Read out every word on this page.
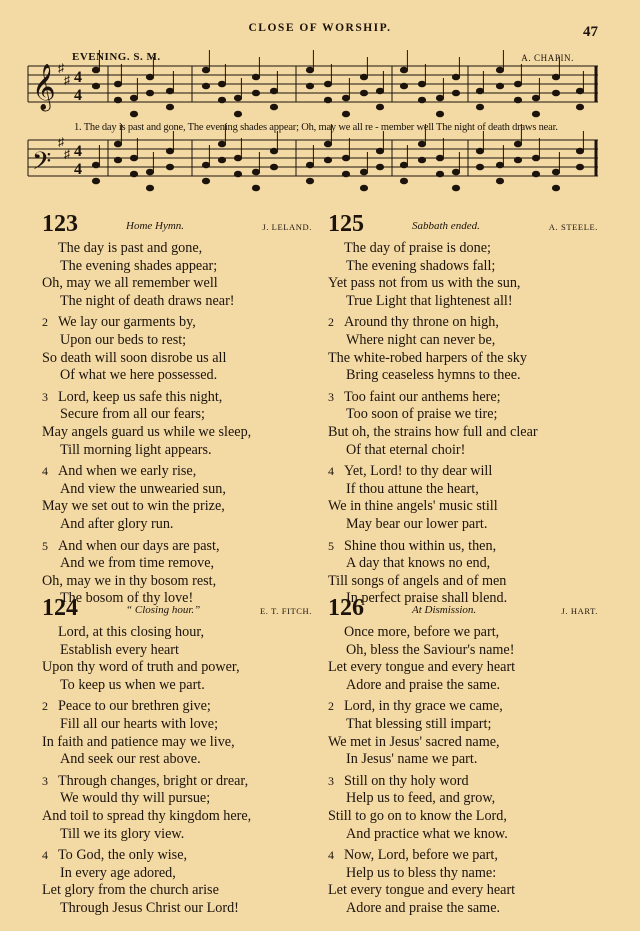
CLOSE OF WORSHIP.	47
EVENING. S. M.	A. CHAPIN.
𝄞 ♯
♯ 4
4
𝄢
♯
♯ 4
4
1. The day is past and gone, The evening shades appear; Oh, may we all re - member well The night of death draws near.
123	Home Hymn.	J. LELAND.
The day is past and gone,
The evening shades appear;
Oh, may we all remember well
The night of death draws near!
2 We lay our garments by,
Upon our beds to rest;
So death will soon disrobe us all
Of what we here possessed.
3 Lord, keep us safe this night,
Secure from all our fears;
May angels guard us while we sleep,
Till morning light appears.
4 And when we early rise,
And view the unwearied sun,
May we set out to win the prize,
And after glory run.
5 And when our days are past,
And we from time remove,
Oh, may we in thy bosom rest,
The bosom of thy love!
125	Sabbath ended.	A. STEELE.
The day of praise is done;
The evening shadows fall;
Yet pass not from us with the sun,
True Light that lightenest all!
2 Around thy throne on high,
Where night can never be,
The white-robed harpers of the sky
Bring ceaseless hymns to thee.
3 Too faint our anthems here;
Too soon of praise we tire;
But oh, the strains how full and clear
Of that eternal choir!
4 Yet, Lord! to thy dear will
If thou attune the heart,
We in thine angels' music still
May bear our lower part.
5 Shine thou within us, then,
A day that knows no end,
Till songs of angels and of men
In perfect praise shall blend.
124	“ Closing hour.”	E. T. FITCH.
Lord, at this closing hour,
Establish every heart
Upon thy word of truth and power,
To keep us when we part.
2 Peace to our brethren give;
Fill all our hearts with love;
In faith and patience may we live,
And seek our rest above.
3 Through changes, bright or drear,
We would thy will pursue;
And toil to spread thy kingdom here,
Till we its glory view.
4 To God, the only wise,
In every age adored,
Let glory from the church arise
Through Jesus Christ our Lord!
126	At Dismission.	J. HART.
Once more, before we part,
Oh, bless the Saviour's name!
Let every tongue and every heart
Adore and praise the same.
2 Lord, in thy grace we came,
That blessing still impart;
We met in Jesus' sacred name,
In Jesus' name we part.
3 Still on thy holy word
Help us to feed, and grow,
Still to go on to know the Lord,
And practice what we know.
4 Now, Lord, before we part,
Help us to bless thy name:
Let every tongue and every heart
Adore and praise the same.
